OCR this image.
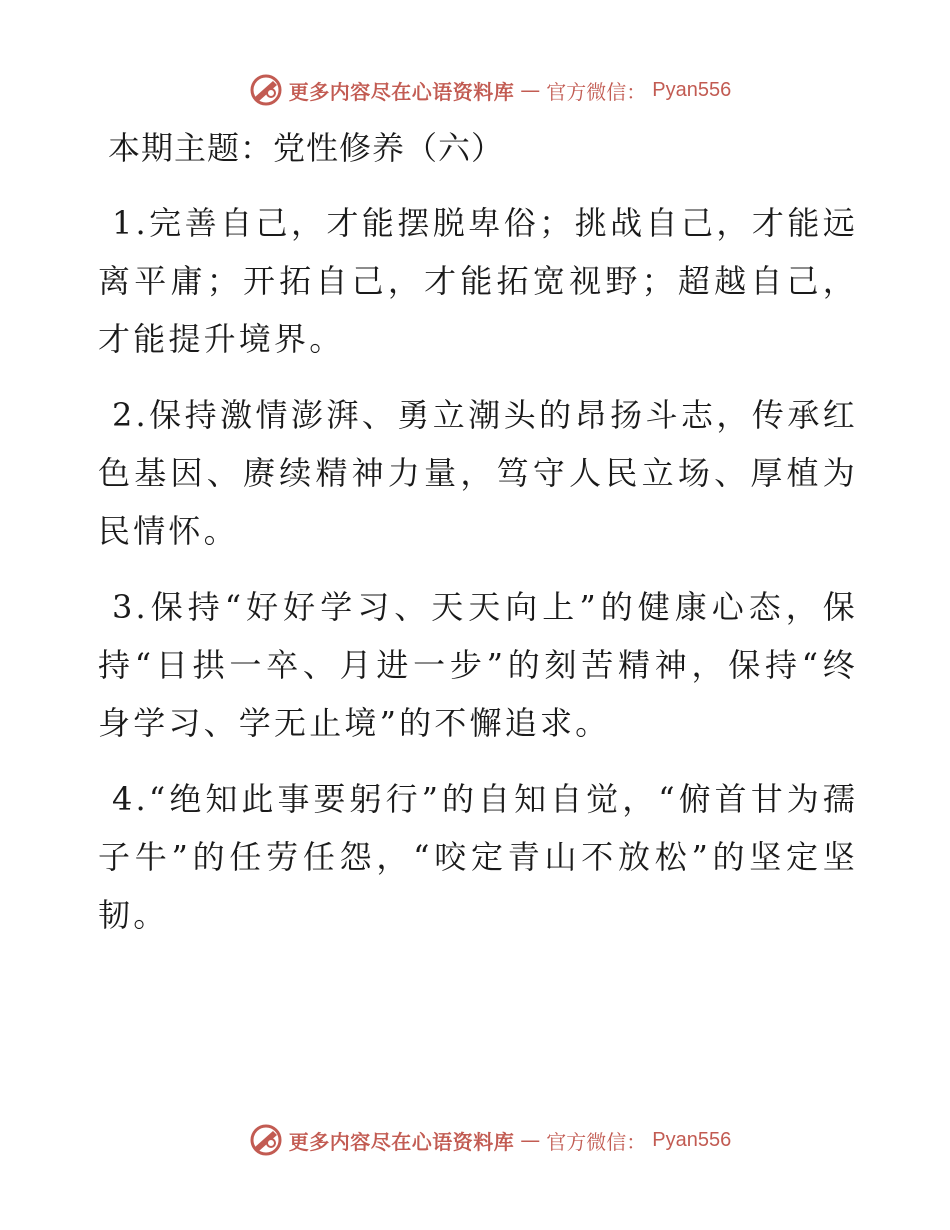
更多内容尽在心语资料库 — 官方微信： Pyan556
本期主题：党性修养（六）

1.完善自己，才能摆脱卑俗；挑战自己，才能远离平庸；开拓自己，才能拓宽视野；超越自己，才能提升境界。

2.保持激情澎湃、勇立潮头的昂扬斗志，传承红色基因、赓续精神力量，笃守人民立场、厚植为民情怀。

3.保持“好好学习、天天向上”的健康心态，保持“日拱一卒、月进一步”的刻苦精神，保持“终身学习、学无止境”的不懈追求。

4.“绝知此事要躬行”的自知自觉，“俯首甘为孺子牛”的任劳任怨，“咬定青山不放松”的坚定坚韧。

更多内容尽在心语资料库 — 官方微信： Pyan556
